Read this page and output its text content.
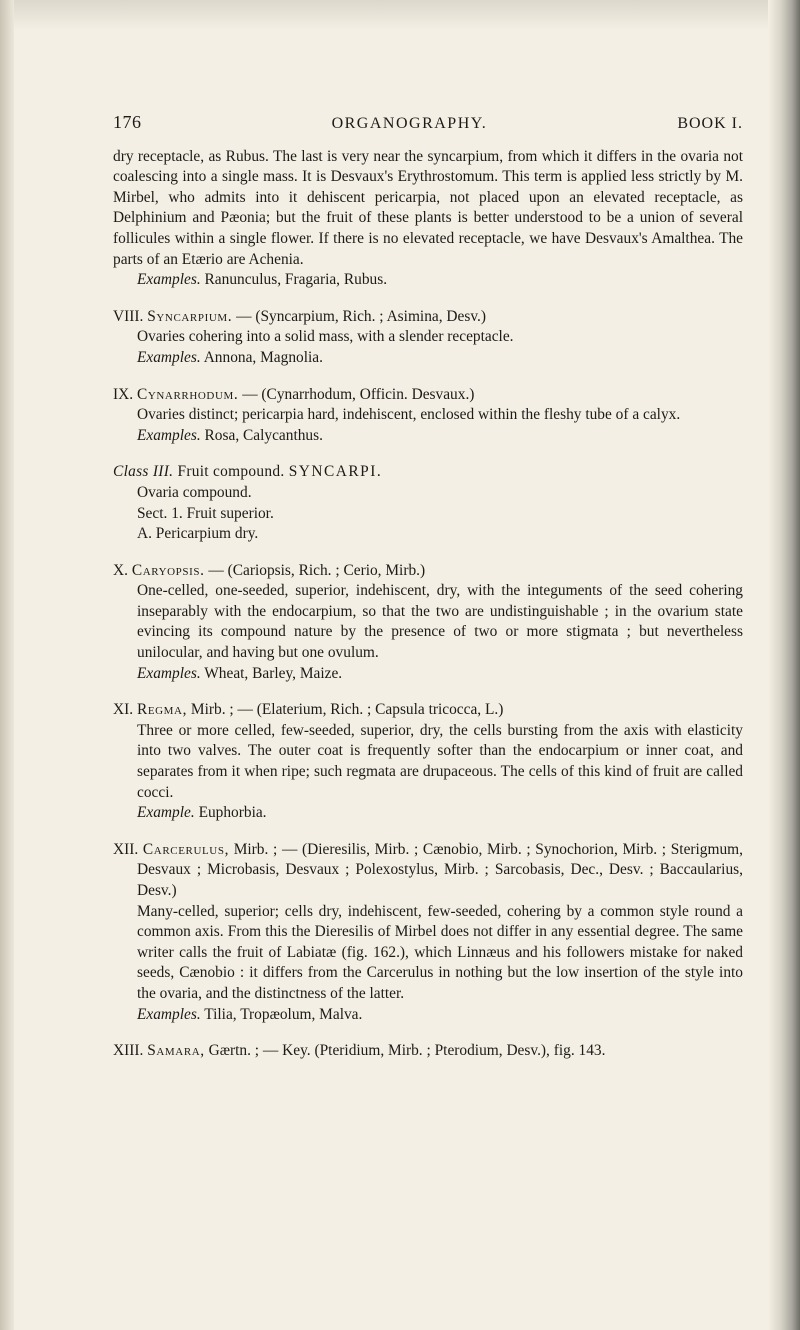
176	ORGANOGRAPHY.	BOOK I.

dry receptacle, as Rubus. The last is very near the syncarpium, from which it differs in the ovaria not coalescing into a single mass. It is Desvaux's Erythrostomum. This term is applied less strictly by M. Mirbel, who admits into it dehiscent pericarpia, not placed upon an elevated receptacle, as Delphinium and Pæonia; but the fruit of these plants is better understood to be a union of several follicules within a single flower. If there is no elevated receptacle, we have Desvaux's Amalthea. The parts of an Etærio are Achenia.

Examples. Ranunculus, Fragaria, Rubus.

VIII. Syncarpium. — (Syncarpium, Rich. ; Asimina, Desv.)

Ovaries cohering into a solid mass, with a slender receptacle.

Examples. Annona, Magnolia.

IX. Cynarrhodum. — (Cynarrhodum, Officin. Desvaux.)

Ovaries distinct; pericarpia hard, indehiscent, enclosed within the fleshy tube of a calyx.

Examples. Rosa, Calycanthus.

Class III. Fruit compound. SYNCARPI.

Ovaria compound.

Sect. 1. Fruit superior.

A. Pericarpium dry.

X. Caryopsis. — (Cariopsis, Rich. ; Cerio, Mirb.)

One-celled, one-seeded, superior, indehiscent, dry, with the integuments of the seed cohering inseparably with the endocarpium, so that the two are undistinguishable ; in the ovarium state evincing its compound nature by the presence of two or more stigmata ; but nevertheless unilocular, and having but one ovulum.

Examples. Wheat, Barley, Maize.

XI. Regma, Mirb. ; — (Elaterium, Rich. ; Capsula tricocca, L.)

Three or more celled, few-seeded, superior, dry, the cells bursting from the axis with elasticity into two valves. The outer coat is frequently softer than the endocarpium or inner coat, and separates from it when ripe; such regmata are drupaceous. The cells of this kind of fruit are called cocci.

Example. Euphorbia.

XII. Carcerulus, Mirb. ; — (Dieresilis, Mirb. ; Cænobio, Mirb. ; Synochorion, Mirb. ; Sterigmum, Desvaux ; Microbasis, Desvaux ; Polexostylus, Mirb. ; Sarcobasis, Dec., Desv. ; Baccaularius, Desv.)

Many-celled, superior; cells dry, indehiscent, few-seeded, cohering by a common style round a common axis. From this the Dieresilis of Mirbel does not differ in any essential degree. The same writer calls the fruit of Labiatæ (fig. 162.), which Linnæus and his followers mistake for naked seeds, Cænobio : it differs from the Carcerulus in nothing but the low insertion of the style into the ovaria, and the distinctness of the latter.

Examples. Tilia, Tropæolum, Malva.

XIII. Samara, Gærtn. ; — Key. (Pteridium, Mirb. ; Pterodium, Desv.), fig. 143.
